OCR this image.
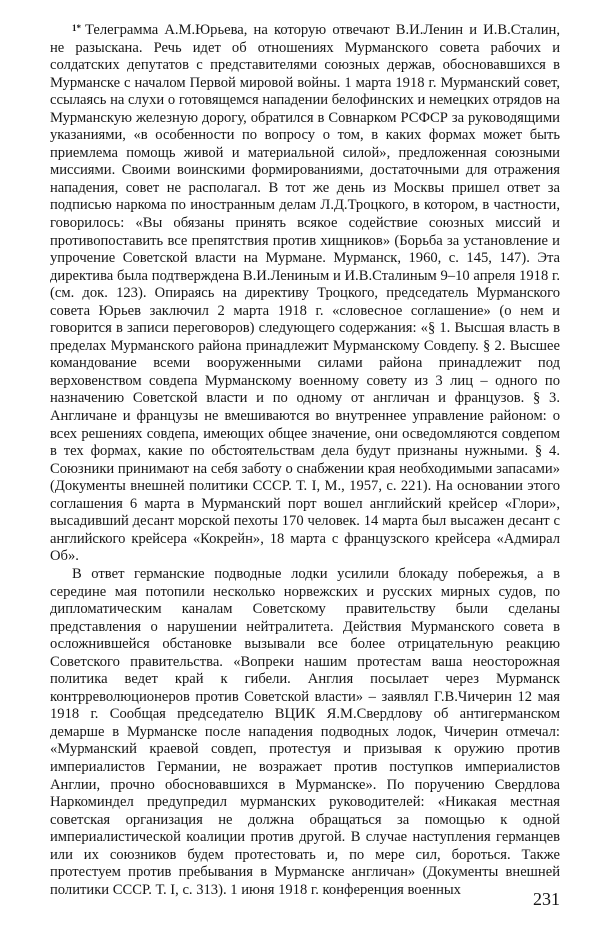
1* Телеграмма А.М.Юрьева, на которую отвечают В.И.Ленин и И.В.Сталин, не разыскана. Речь идет об отношениях Мурманского совета рабочих и солдатских депутатов с представителями союзных держав, обосновавшихся в Мурманске с началом Первой мировой войны. 1 марта 1918 г. Мурманский совет, ссылаясь на слухи о готовящемся нападении белофинских и немецких отрядов на Мурманскую железную дорогу, обратился в Совнарком РСФСР за руководящими указаниями, «в особенности по вопросу о том, в каких формах может быть приемлема помощь живой и материальной силой», предложенная союзными миссиями. Своими воинскими формированиями, достаточными для отражения нападения, совет не располагал. В тот же день из Москвы пришел ответ за подписью наркома по иностранным делам Л.Д.Троцкого, в котором, в частности, говорилось: «Вы обязаны принять всякое содействие союзных миссий и противопоставить все препятствия против хищников» (Борьба за установление и упрочение Советской власти на Мурмане. Мурманск, 1960, с. 145, 147). Эта директива была подтверждена В.И.Лениным и И.В.Сталиным 9–10 апреля 1918 г. (см. док. 123). Опираясь на директиву Троцкого, председатель Мурманского совета Юрьев заключил 2 марта 1918 г. «словесное соглашение» (о нем и говорится в записи переговоров) следующего содержания: «§ 1. Высшая власть в пределах Мурманского района принадлежит Мурманскому Совдепу. § 2. Высшее командование всеми вооруженными силами района принадлежит под верховенством совдепа Мурманскому военному совету из 3 лиц – одного по назначению Советской власти и по одному от англичан и французов. § 3. Англичане и французы не вмешиваются во внутреннее управление районом: о всех решениях совдепа, имеющих общее значение, они осведомляются совдепом в тех формах, какие по обстоятельствам дела будут признаны нужными. § 4. Союзники принимают на себя заботу о снабжении края необходимыми запасами» (Документы внешней политики СССР. Т. I, М., 1957, с. 221). На основании этого соглашения 6 марта в Мурманский порт вошел английский крейсер «Глори», высадивший десант морской пехоты 170 человек. 14 марта был высажен десант с английского крейсера «Кокрейн», 18 марта с французского крейсера «Адмирал Об».

В ответ германские подводные лодки усилили блокаду побережья, а в середине мая потопили несколько норвежских и русских мирных судов, по дипломатическим каналам Советскому правительству были сделаны представления о нарушении нейтралитета. Действия Мурманского совета в осложнившейся обстановке вызывали все более отрицательную реакцию Советского правительства. «Вопреки нашим протестам ваша неосторожная политика ведет край к гибели. Англия посылает через Мурманск контрреволюционеров против Советской власти» – заявлял Г.В.Чичерин 12 мая 1918 г. Сообщая председателю ВЦИК Я.М.Свердлову об антигерманском демарше в Мурманске после нападения подводных лодок, Чичерин отмечал: «Мурманский краевой совдеп, протестуя и призывая к оружию против империалистов Германии, не возражает против поступков империалистов Англии, прочно обосновавшихся в Мурманске». По поручению Свердлова Наркоминдел предупредил мурманских руководителей: «Никакая местная советская организация не должна обращаться за помощью к одной империалистической коалиции против другой. В случае наступления германцев или их союзников будем протестовать и, по мере сил, бороться. Также протестуем против пребывания в Мурманске англичан» (Документы внешней политики СССР. Т. I, с. 313). 1 июня 1918 г. конференция военных	231
